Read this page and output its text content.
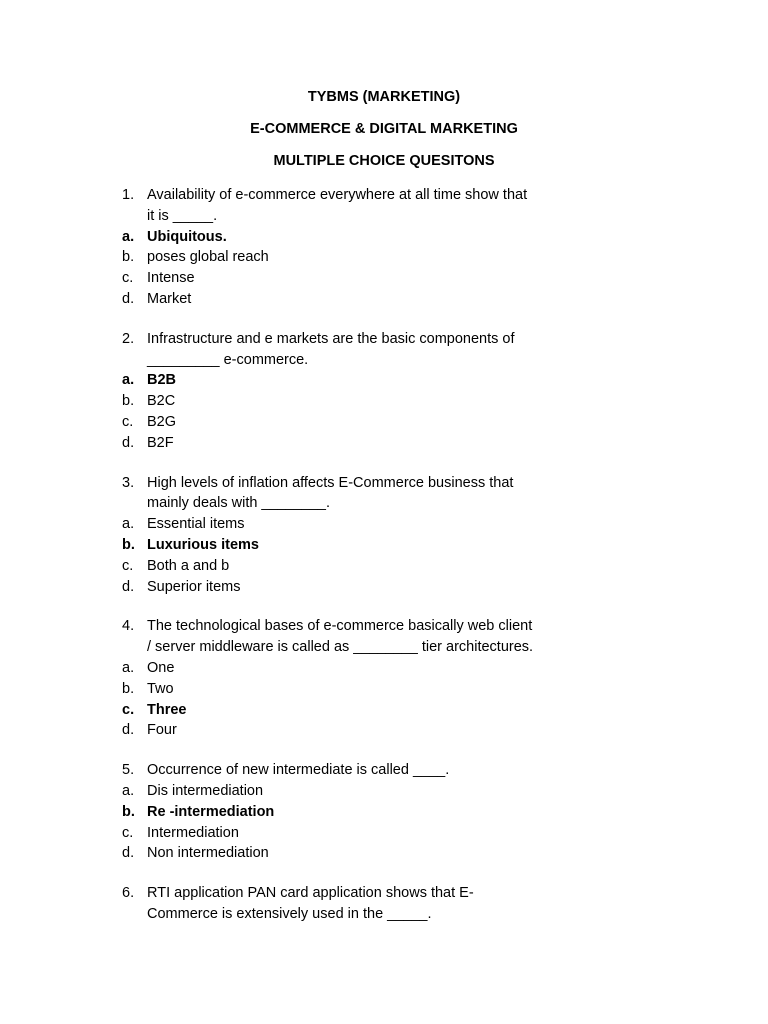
TYBMS (MARKETING)
E-COMMERCE & DIGITAL MARKETING
MULTIPLE CHOICE QUESITONS
1. Availability of e-commerce everywhere at all time show that
it is _____.
a. Ubiquitous.
b. poses global reach
c. Intense
d. Market
2. Infrastructure and e markets are the basic components of
_________ e-commerce.
a. B2B
b. B2C
c. B2G
d. B2F
3. High levels of inflation affects E-Commerce business that
mainly deals with ________.
a. Essential items
b. Luxurious items
c. Both a and b
d. Superior items
4. The technological bases of e-commerce basically web client
/ server middleware is called as ________ tier architectures.
a. One
b. Two
c. Three
d. Four
5. Occurrence of new intermediate is called ____.
a. Dis intermediation
b. Re -intermediation
c. Intermediation
d. Non intermediation
6. RTI application PAN card application shows that E-
Commerce is extensively used in the _____.
